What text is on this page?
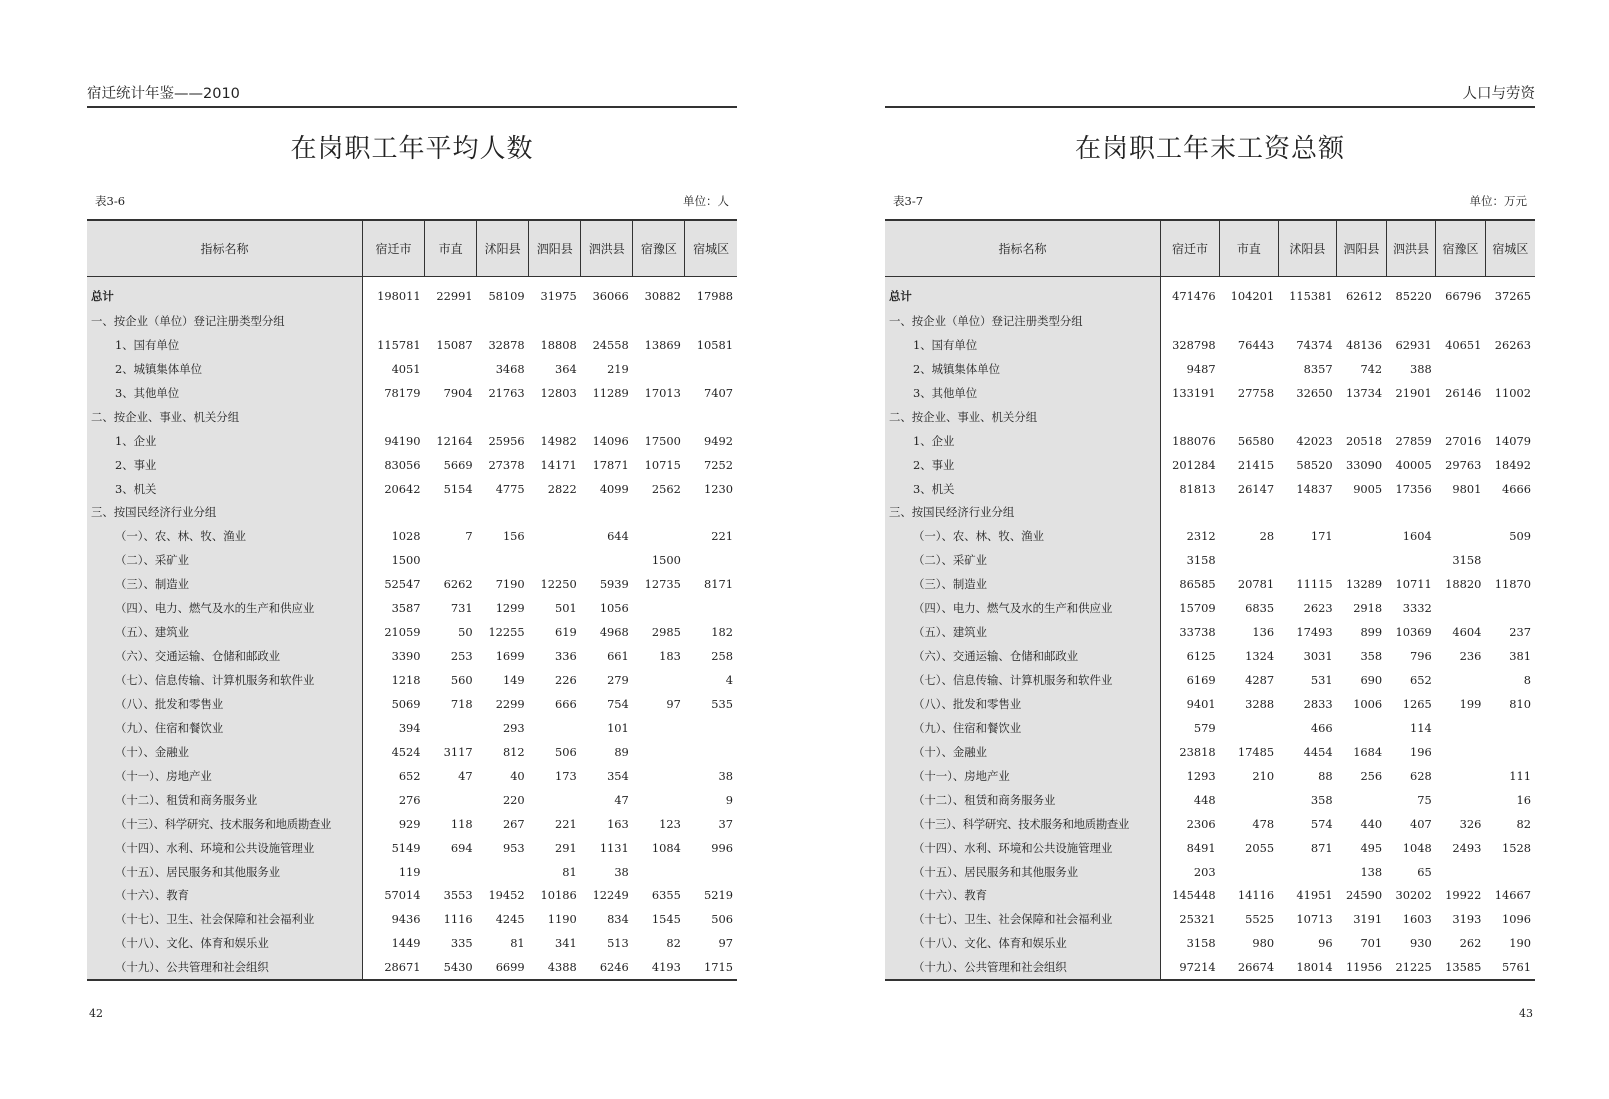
宿迁统计年鉴——2010
在岗职工年平均人数
表3-6	单位：人
指标名称	宿迁市	市直	沭阳县	泗阳县	泗洪县	宿豫区	宿城区
总计	198011	22991	58109	31975	36066	30882	17988
一、按企业（单位）登记注册类型分组							
1、国有单位	115781	15087	32878	18808	24558	13869	10581
2、城镇集体单位	4051		3468	364	219		
3、其他单位	78179	7904	21763	12803	11289	17013	7407
二、按企业、事业、机关分组							
1、企业	94190	12164	25956	14982	14096	17500	9492
2、事业	83056	5669	27378	14171	17871	10715	7252
3、机关	20642	5154	4775	2822	4099	2562	1230
三、按国民经济行业分组							
（一）、农、林、牧、渔业	1028	7	156		644		221
（二）、采矿业	1500					1500	
（三）、制造业	52547	6262	7190	12250	5939	12735	8171
（四）、电力、燃气及水的生产和供应业	3587	731	1299	501	1056		
（五）、建筑业	21059	50	12255	619	4968	2985	182
（六）、交通运输、仓储和邮政业	3390	253	1699	336	661	183	258
（七）、信息传输、计算机服务和软件业	1218	560	149	226	279		4
（八）、批发和零售业	5069	718	2299	666	754	97	535
（九）、住宿和餐饮业	394		293		101		
（十）、金融业	4524	3117	812	506	89		
（十一）、房地产业	652	47	40	173	354		38
（十二）、租赁和商务服务业	276		220		47		9
（十三）、科学研究、技术服务和地质勘查业	929	118	267	221	163	123	37
（十四）、水利、环境和公共设施管理业	5149	694	953	291	1131	1084	996
（十五）、居民服务和其他服务业	119			81	38		
（十六）、教育	57014	3553	19452	10186	12249	6355	5219
（十七）、卫生、社会保障和社会福利业	9436	1116	4245	1190	834	1545	506
（十八）、文化、体育和娱乐业	1449	335	81	341	513	82	97
（十九）、公共管理和社会组织	28671	5430	6699	4388	6246	4193	1715
42
人口与劳资
在岗职工年末工资总额
表3-7	单位：万元
指标名称	宿迁市	市直	沭阳县	泗阳县	泗洪县	宿豫区	宿城区
总计	471476	104201	115381	62612	85220	66796	37265
一、按企业（单位）登记注册类型分组							
1、国有单位	328798	76443	74374	48136	62931	40651	26263
2、城镇集体单位	9487		8357	742	388		
3、其他单位	133191	27758	32650	13734	21901	26146	11002
二、按企业、事业、机关分组							
1、企业	188076	56580	42023	20518	27859	27016	14079
2、事业	201284	21415	58520	33090	40005	29763	18492
3、机关	81813	26147	14837	9005	17356	9801	4666
三、按国民经济行业分组							
（一）、农、林、牧、渔业	2312	28	171		1604		509
（二）、采矿业	3158					3158	
（三）、制造业	86585	20781	11115	13289	10711	18820	11870
（四）、电力、燃气及水的生产和供应业	15709	6835	2623	2918	3332		
（五）、建筑业	33738	136	17493	899	10369	4604	237
（六）、交通运输、仓储和邮政业	6125	1324	3031	358	796	236	381
（七）、信息传输、计算机服务和软件业	6169	4287	531	690	652		8
（八）、批发和零售业	9401	3288	2833	1006	1265	199	810
（九）、住宿和餐饮业	579		466		114		
（十）、金融业	23818	17485	4454	1684	196		
（十一）、房地产业	1293	210	88	256	628		111
（十二）、租赁和商务服务业	448		358		75		16
（十三）、科学研究、技术服务和地质勘查业	2306	478	574	440	407	326	82
（十四）、水利、环境和公共设施管理业	8491	2055	871	495	1048	2493	1528
（十五）、居民服务和其他服务业	203			138	65		
（十六）、教育	145448	14116	41951	24590	30202	19922	14667
（十七）、卫生、社会保障和社会福利业	25321	5525	10713	3191	1603	3193	1096
（十八）、文化、体育和娱乐业	3158	980	96	701	930	262	190
（十九）、公共管理和社会组织	97214	26674	18014	11956	21225	13585	5761
43
